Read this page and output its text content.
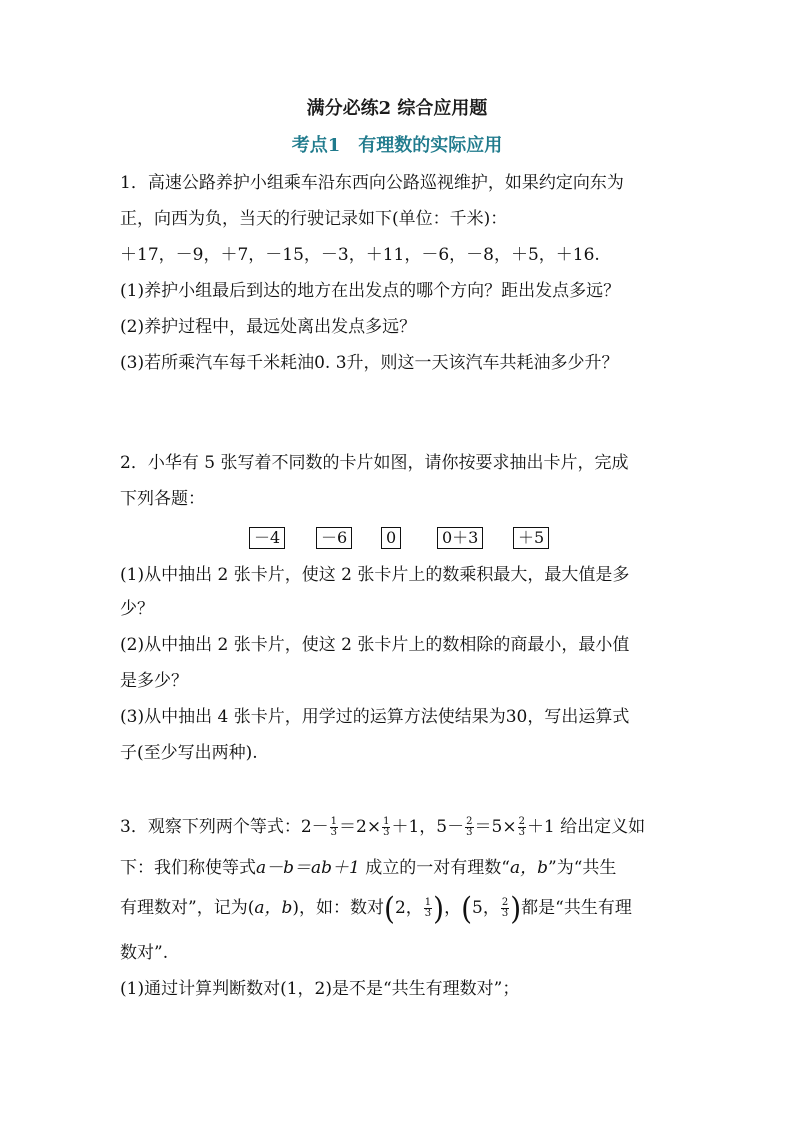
满分必练2 综合应用题
考点1　有理数的实际应用
1．高速公路养护小组乘车沿东西向公路巡视维护，如果约定向东为
正，向西为负，当天的行驶记录如下(单位：千米)：
＋17，－9，＋7，－15，－3，＋11，－6，－8，＋5，＋16.
(1)养护小组最后到达的地方在出发点的哪个方向？距出发点多远？
(2)养护过程中，最远处离出发点多远？
(3)若所乘汽车每千米耗油0. 3升，则这一天该汽车共耗油多少升？
2．小华有 5 张写着不同数的卡片如图，请你按要求抽出卡片，完成
下列各题：
－4	－6	0	0＋3	＋5
(1)从中抽出 2 张卡片，使这 2 张卡片上的数乘积最大，最大值是多
少？
(2)从中抽出 2 张卡片，使这 2 张卡片上的数相除的商最小，最小值
是多少？
(3)从中抽出 4 张卡片，用学过的运算方法使结果为30，写出运算式
子(至少写出两种).
3．观察下列两个等式：$2- \frac{1}{3} =2\times \frac{1}{3} +1$，$5- \frac{2}{3} =5\times \frac{2}{3} +1$ 给出定义如
下：我们称使等式a－b＝ab＋1 成立的一对有理数“a，b”为“共生
有理数对”，记为(a，b)，如：数对(2， $\frac{1}{3}$ )，(5， $\frac{2}{3}$ )都是“共生有理
数对”.
(1)通过计算判断数对(1，2)是不是“共生有理数对”；
